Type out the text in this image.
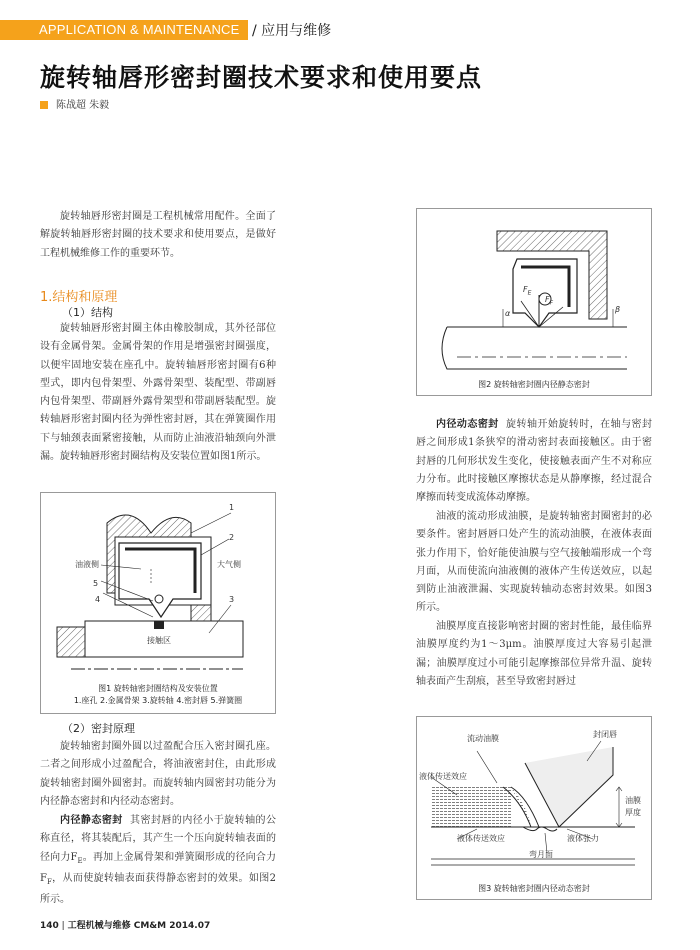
APPLICATION & MAINTENANCE / 应用与维修
旋转轴唇形密封圈技术要求和使用要点
陈战超 朱毅
旋转轴唇形密封圈是工程机械常用配件。全面了解旋转轴唇形密封圈的技术要求和使用要点，是做好工程机械维修工作的重要环节。
1.结构和原理
（1）结构
旋转轴唇形密封圈主体由橡胶制成，其外径部位设有金属骨架。金属骨架的作用是增强密封圈强度，以便牢固地安装在座孔中。旋转轴唇形密封圈有6种型式，即内包骨架型、外露骨架型、装配型、带副唇内包骨架型、带副唇外露骨架型和带副唇装配型。旋转轴唇形密封圈内径为弹性密封唇，其在弹簧圈作用下与轴颈表面紧密接触，从而防止油液沿轴颈向外泄漏。旋转轴唇形密封圈结构及安装位置如图1所示。
1
2
3
4
5
油液侧	大气侧
接触区
图1 旋转轴密封圈结构及安装位置
1.座孔 2.金属骨架 3.旋转轴 4.密封唇 5.弹簧圈
（2）密封原理
旋转轴密封圈外圆以过盈配合压入密封圈孔座。二者之间形成小过盈配合，将油液密封住，由此形成旋转轴密封圈外圆密封。而旋转轴内圆密封功能分为内径静态密封和内径动态密封。
内径静态密封 其密封唇的内径小于旋转轴的公称直径，将其装配后，其产生一个压向旋转轴表面的径向力$F_E$。再加上金属骨架和弹簧圈形成的径向合力$F_F$，从而使旋转轴表面获得静态密封的效果。如图2所示。
$F_E$
$F_F$
α	β
图2 旋转轴密封圈内径静态密封
内径动态密封 旋转轴开始旋转时，在轴与密封唇之间形成1条狭窄的滑动密封表面接触区。由于密封唇的几何形状发生变化，使接触表面产生不对称应力分布。此时接触区摩擦状态是从静摩擦，经过混合摩擦而转变成流体动摩擦。
油液的流动形成油膜，是旋转轴密封圈密封的必要条件。密封唇唇口处产生的流动油膜，在液体表面张力作用下，恰好能使油膜与空气接触端形成一个弯月面，从而使流向油液侧的液体产生传送效应，以起到防止油液泄漏、实现旋转轴动态密封效果。如图3所示。
油膜厚度直接影响密封圈的密封性能，最佳临界油膜厚度约为1～3μm。油膜厚度过大容易引起泄漏；油膜厚度过小可能引起摩擦部位异常升温、旋转轴表面产生刮痕，甚至导致密封唇过
流动油膜	封闭唇
液体传送效应
油膜
厚度
液体传送效应	液体张力
弯月面
图3 旋转轴密封圈内径动态密封
140 | 工程机械与维修 CM&M 2014.07
